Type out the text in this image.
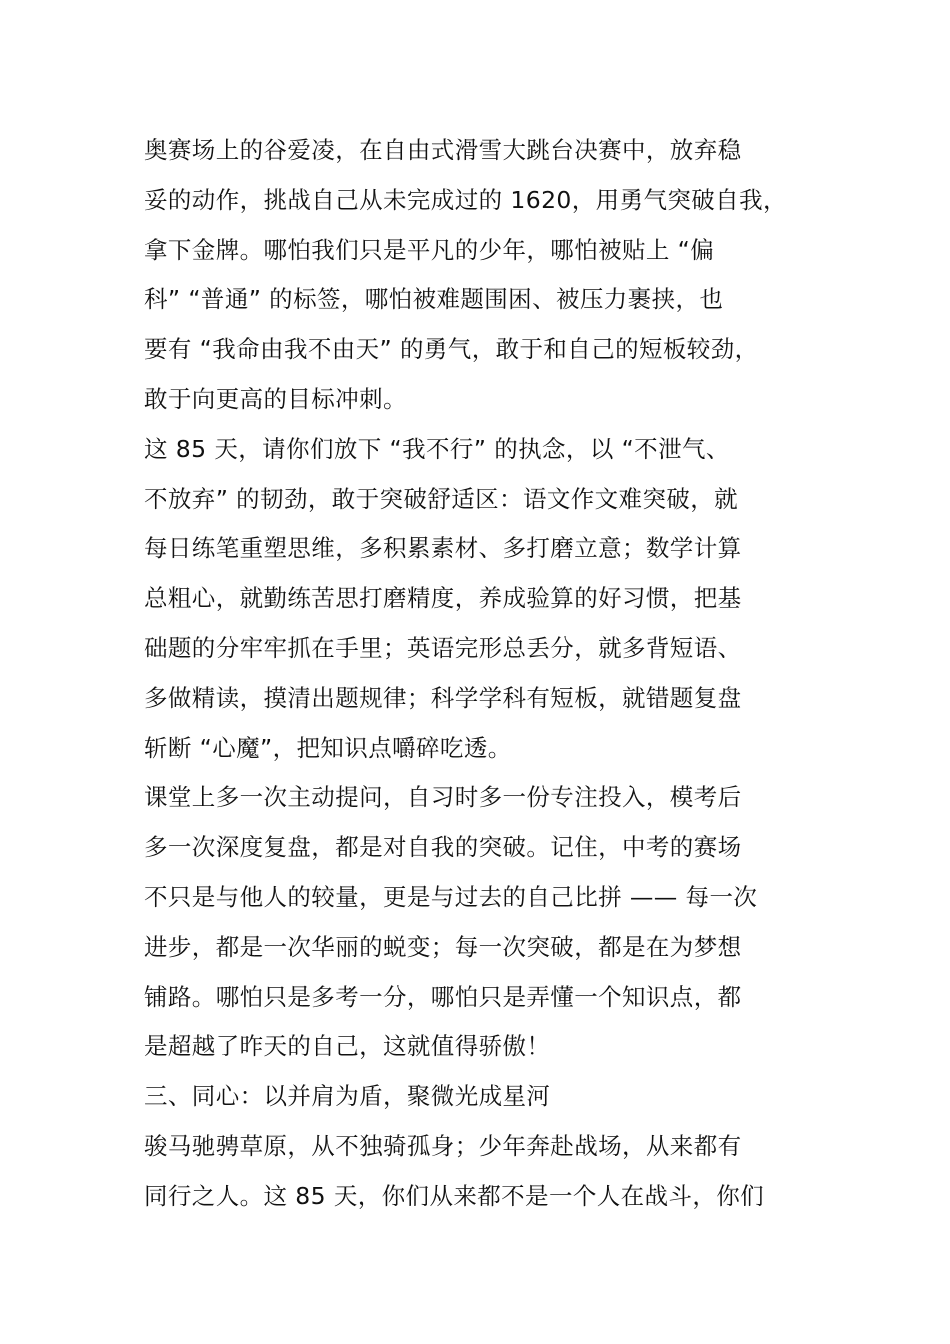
奥赛场上的谷爱凌，在自由式滑雪大跳台决赛中，放弃稳
妥的动作，挑战自己从未完成过的 1620，用勇气突破自我，
拿下金牌。哪怕我们只是平凡的少年，哪怕被贴上 “偏
科” “普通” 的标签，哪怕被难题围困、被压力裹挟，也
要有 “我命由我不由天” 的勇气，敢于和自己的短板较劲，
敢于向更高的目标冲刺。
这 85 天，请你们放下 “我不行” 的执念，以 “不泄气、
不放弃” 的韧劲，敢于突破舒适区：语文作文难突破，就
每日练笔重塑思维，多积累素材、多打磨立意；数学计算
总粗心，就勤练苦思打磨精度，养成验算的好习惯，把基
础题的分牢牢抓在手里；英语完形总丢分，就多背短语、
多做精读，摸清出题规律；科学学科有短板，就错题复盘
斩断 “心魔”，把知识点嚼碎吃透。
课堂上多一次主动提问，自习时多一份专注投入，模考后
多一次深度复盘，都是对自我的突破。记住，中考的赛场
不只是与他人的较量，更是与过去的自己比拼 —— 每一次
进步，都是一次华丽的蜕变；每一次突破，都是在为梦想
铺路。哪怕只是多考一分，哪怕只是弄懂一个知识点，都
是超越了昨天的自己，这就值得骄傲！
三、同心：以并肩为盾，聚微光成星河
骏马驰骋草原，从不独骑孤身；少年奔赴战场，从来都有
同行之人。这 85 天，你们从来都不是一个人在战斗，你们
